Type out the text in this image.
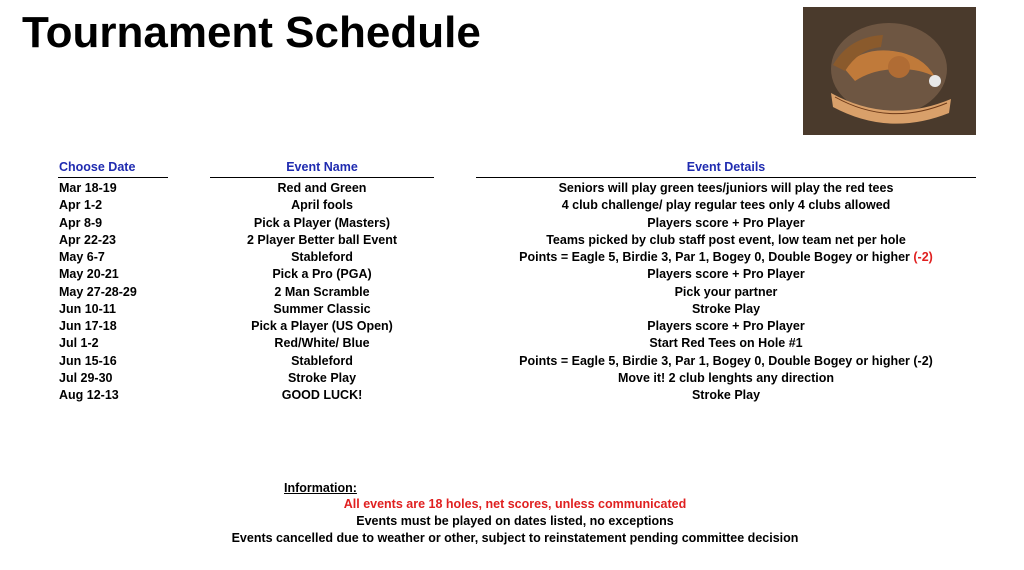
Tournament Schedule
Choose Date	Event Name	Event Details
Mar 18-19	Red and Green	Seniors will play green tees/juniors will play the red tees
Apr 1-2	April fools	4 club challenge/ play regular tees only 4 clubs allowed
Apr 8-9	Pick a Player (Masters)	Players score + Pro Player
Apr 22-23	2 Player Better ball Event	Teams picked by club staff post event, low team net per hole
May 6-7	Stableford	Points = Eagle 5, Birdie 3, Par 1, Bogey 0, Double Bogey or higher (-2)
May 20-21	Pick a Pro (PGA)	Players score + Pro Player
May 27-28-29	2 Man Scramble	Pick your partner
Jun 10-11	Summer Classic	Stroke Play
Jun 17-18	Pick a Player (US Open)	Players score + Pro Player
Jul 1-2	Red/White/ Blue	Start Red Tees on Hole #1
Jun 15-16	Stableford	Points = Eagle 5, Birdie 3, Par 1, Bogey 0, Double Bogey or higher (-2)
Jul 29-30	Stroke Play	Move it! 2 club lenghts any direction
Aug 12-13	GOOD LUCK!	Stroke Play
Information:
All events are 18 holes, net scores, unless communicated
Events must be played on dates listed, no exceptions
Events cancelled due to weather or other, subject to reinstatement pending committee decision
